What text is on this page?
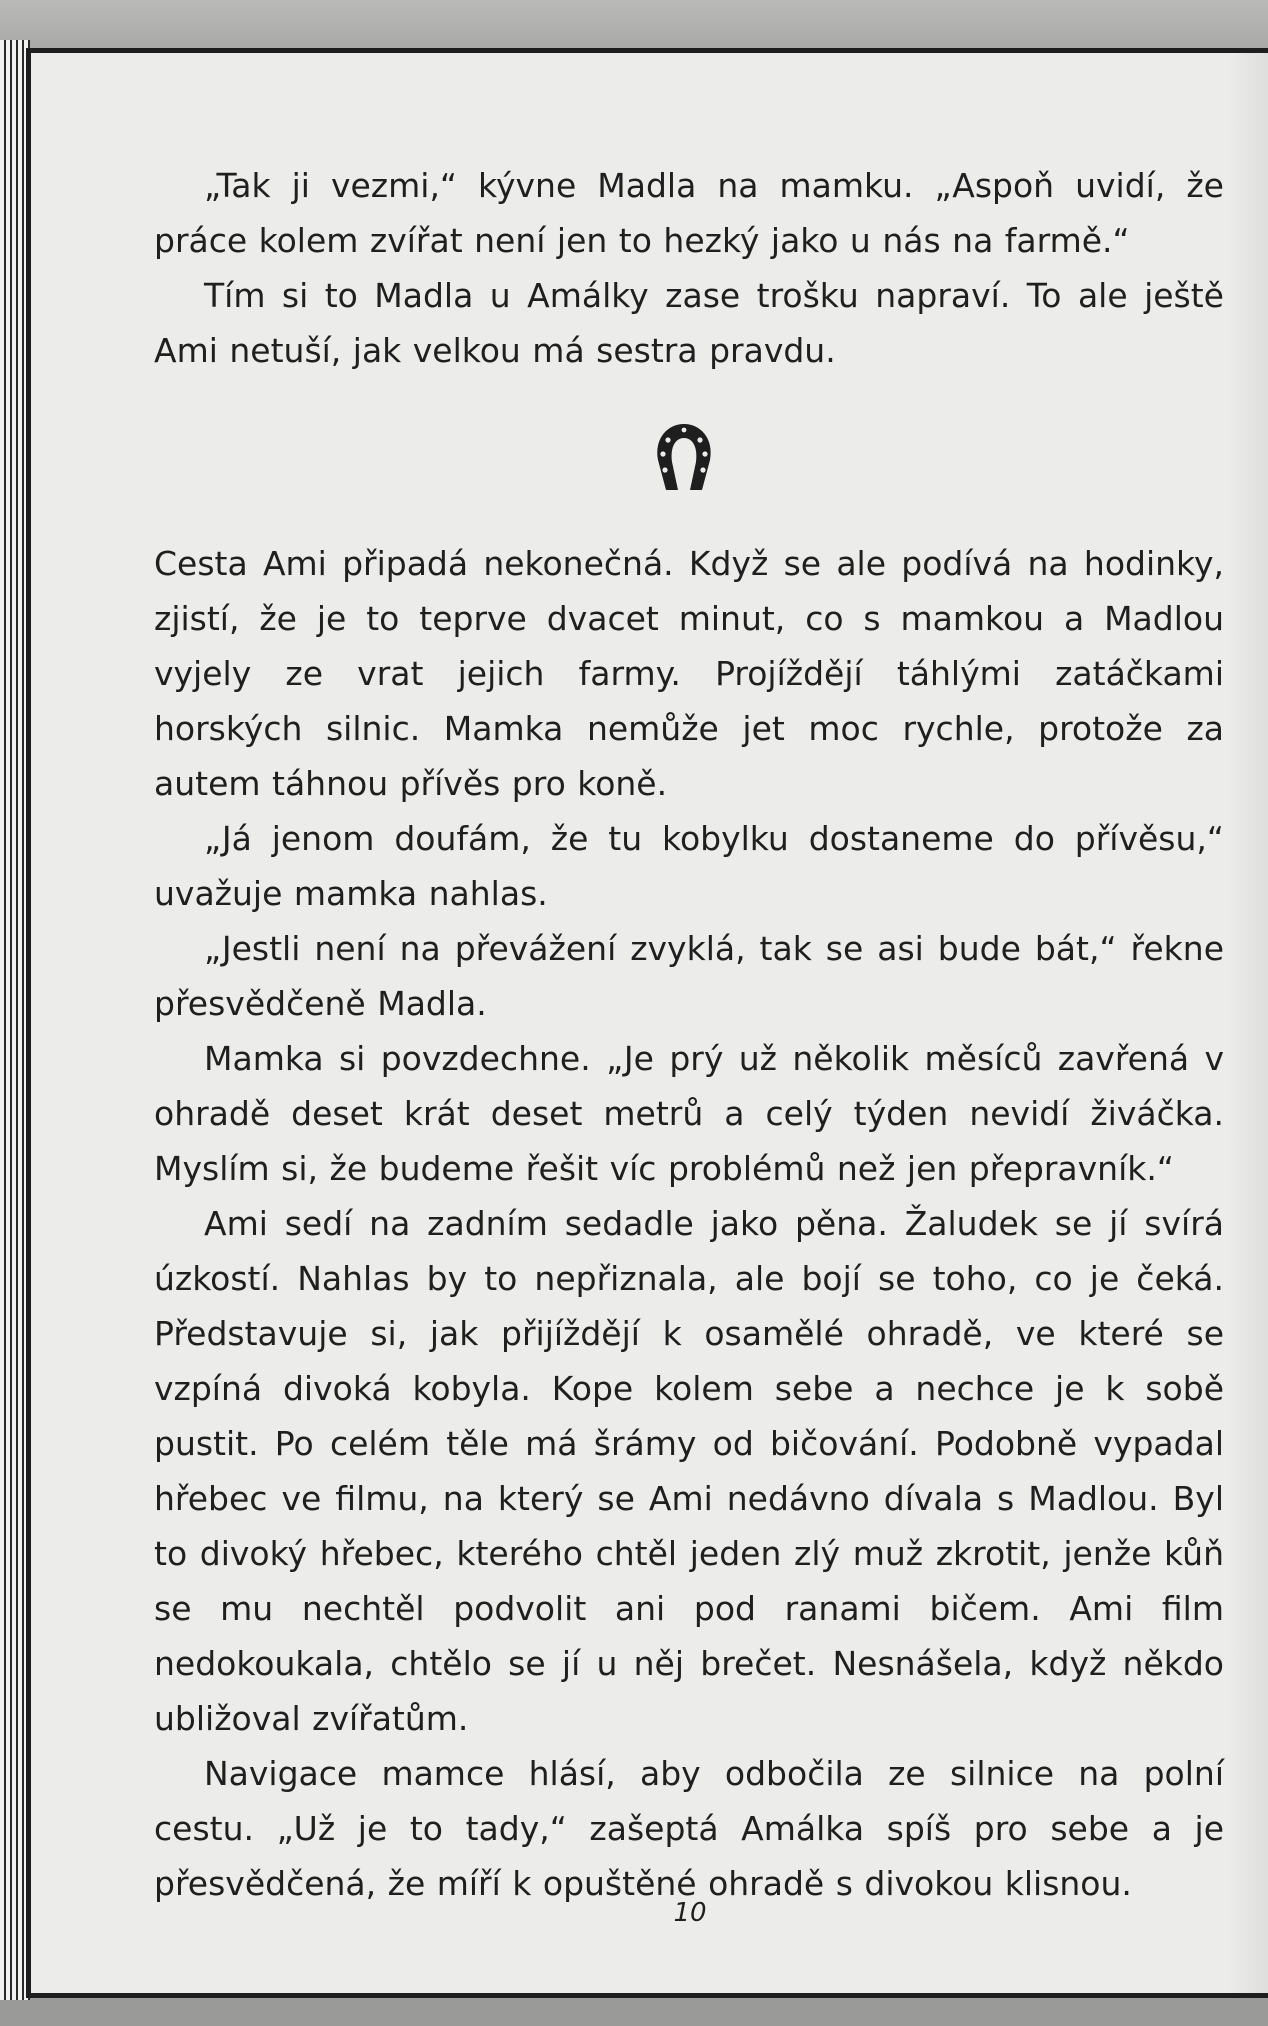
„Tak ji vezmi,“ kývne Madla na mamku. „Aspoň uvidí, že práce kolem zvířat není jen to hezký jako u nás na farmě.“

Tím si to Madla u Amálky zase trošku napraví. To ale ještě Ami netuší, jak velkou má sestra pravdu.

Cesta Ami připadá nekonečná. Když se ale podívá na hodinky, zjistí, že je to teprve dvacet minut, co s mamkou a Madlou vyjely ze vrat jejich farmy. Projíždějí táhlými zatáčkami horských silnic. Mamka nemůže jet moc rychle, protože za autem táhnou přívěs pro koně.

„Já jenom doufám, že tu kobylku dostaneme do přívěsu,“ uvažuje mamka nahlas.

„Jestli není na převážení zvyklá, tak se asi bude bát,“ řekne přesvědčeně Madla.

Mamka si povzdechne. „Je prý už několik měsíců zavřená v ohradě deset krát deset metrů a celý týden nevidí živáčka. Myslím si, že budeme řešit víc problémů než jen přepravník.“

Ami sedí na zadním sedadle jako pěna. Žaludek se jí svírá úzkostí. Nahlas by to nepřiznala, ale bojí se toho, co je čeká. Představuje si, jak přijíždějí k osamělé ohradě, ve které se vzpíná divoká kobyla. Kope kolem sebe a nechce je k sobě pustit. Po celém těle má šrámy od bičování. Podobně vypadal hřebec ve filmu, na který se Ami nedávno dívala s Madlou. Byl to divoký hřebec, kterého chtěl jeden zlý muž zkrotit, jenže kůň se mu nechtěl podvolit ani pod ranami bičem. Ami film nedokoukala, chtělo se jí u něj brečet. Nesnášela, když někdo ubližoval zvířatům.

Navigace mamce hlásí, aby odbočila ze silnice na polní cestu. „Už je to tady,“ zašeptá Amálka spíš pro sebe a je přesvědčená, že míří k opuštěné ohradě s divokou klisnou.

10
